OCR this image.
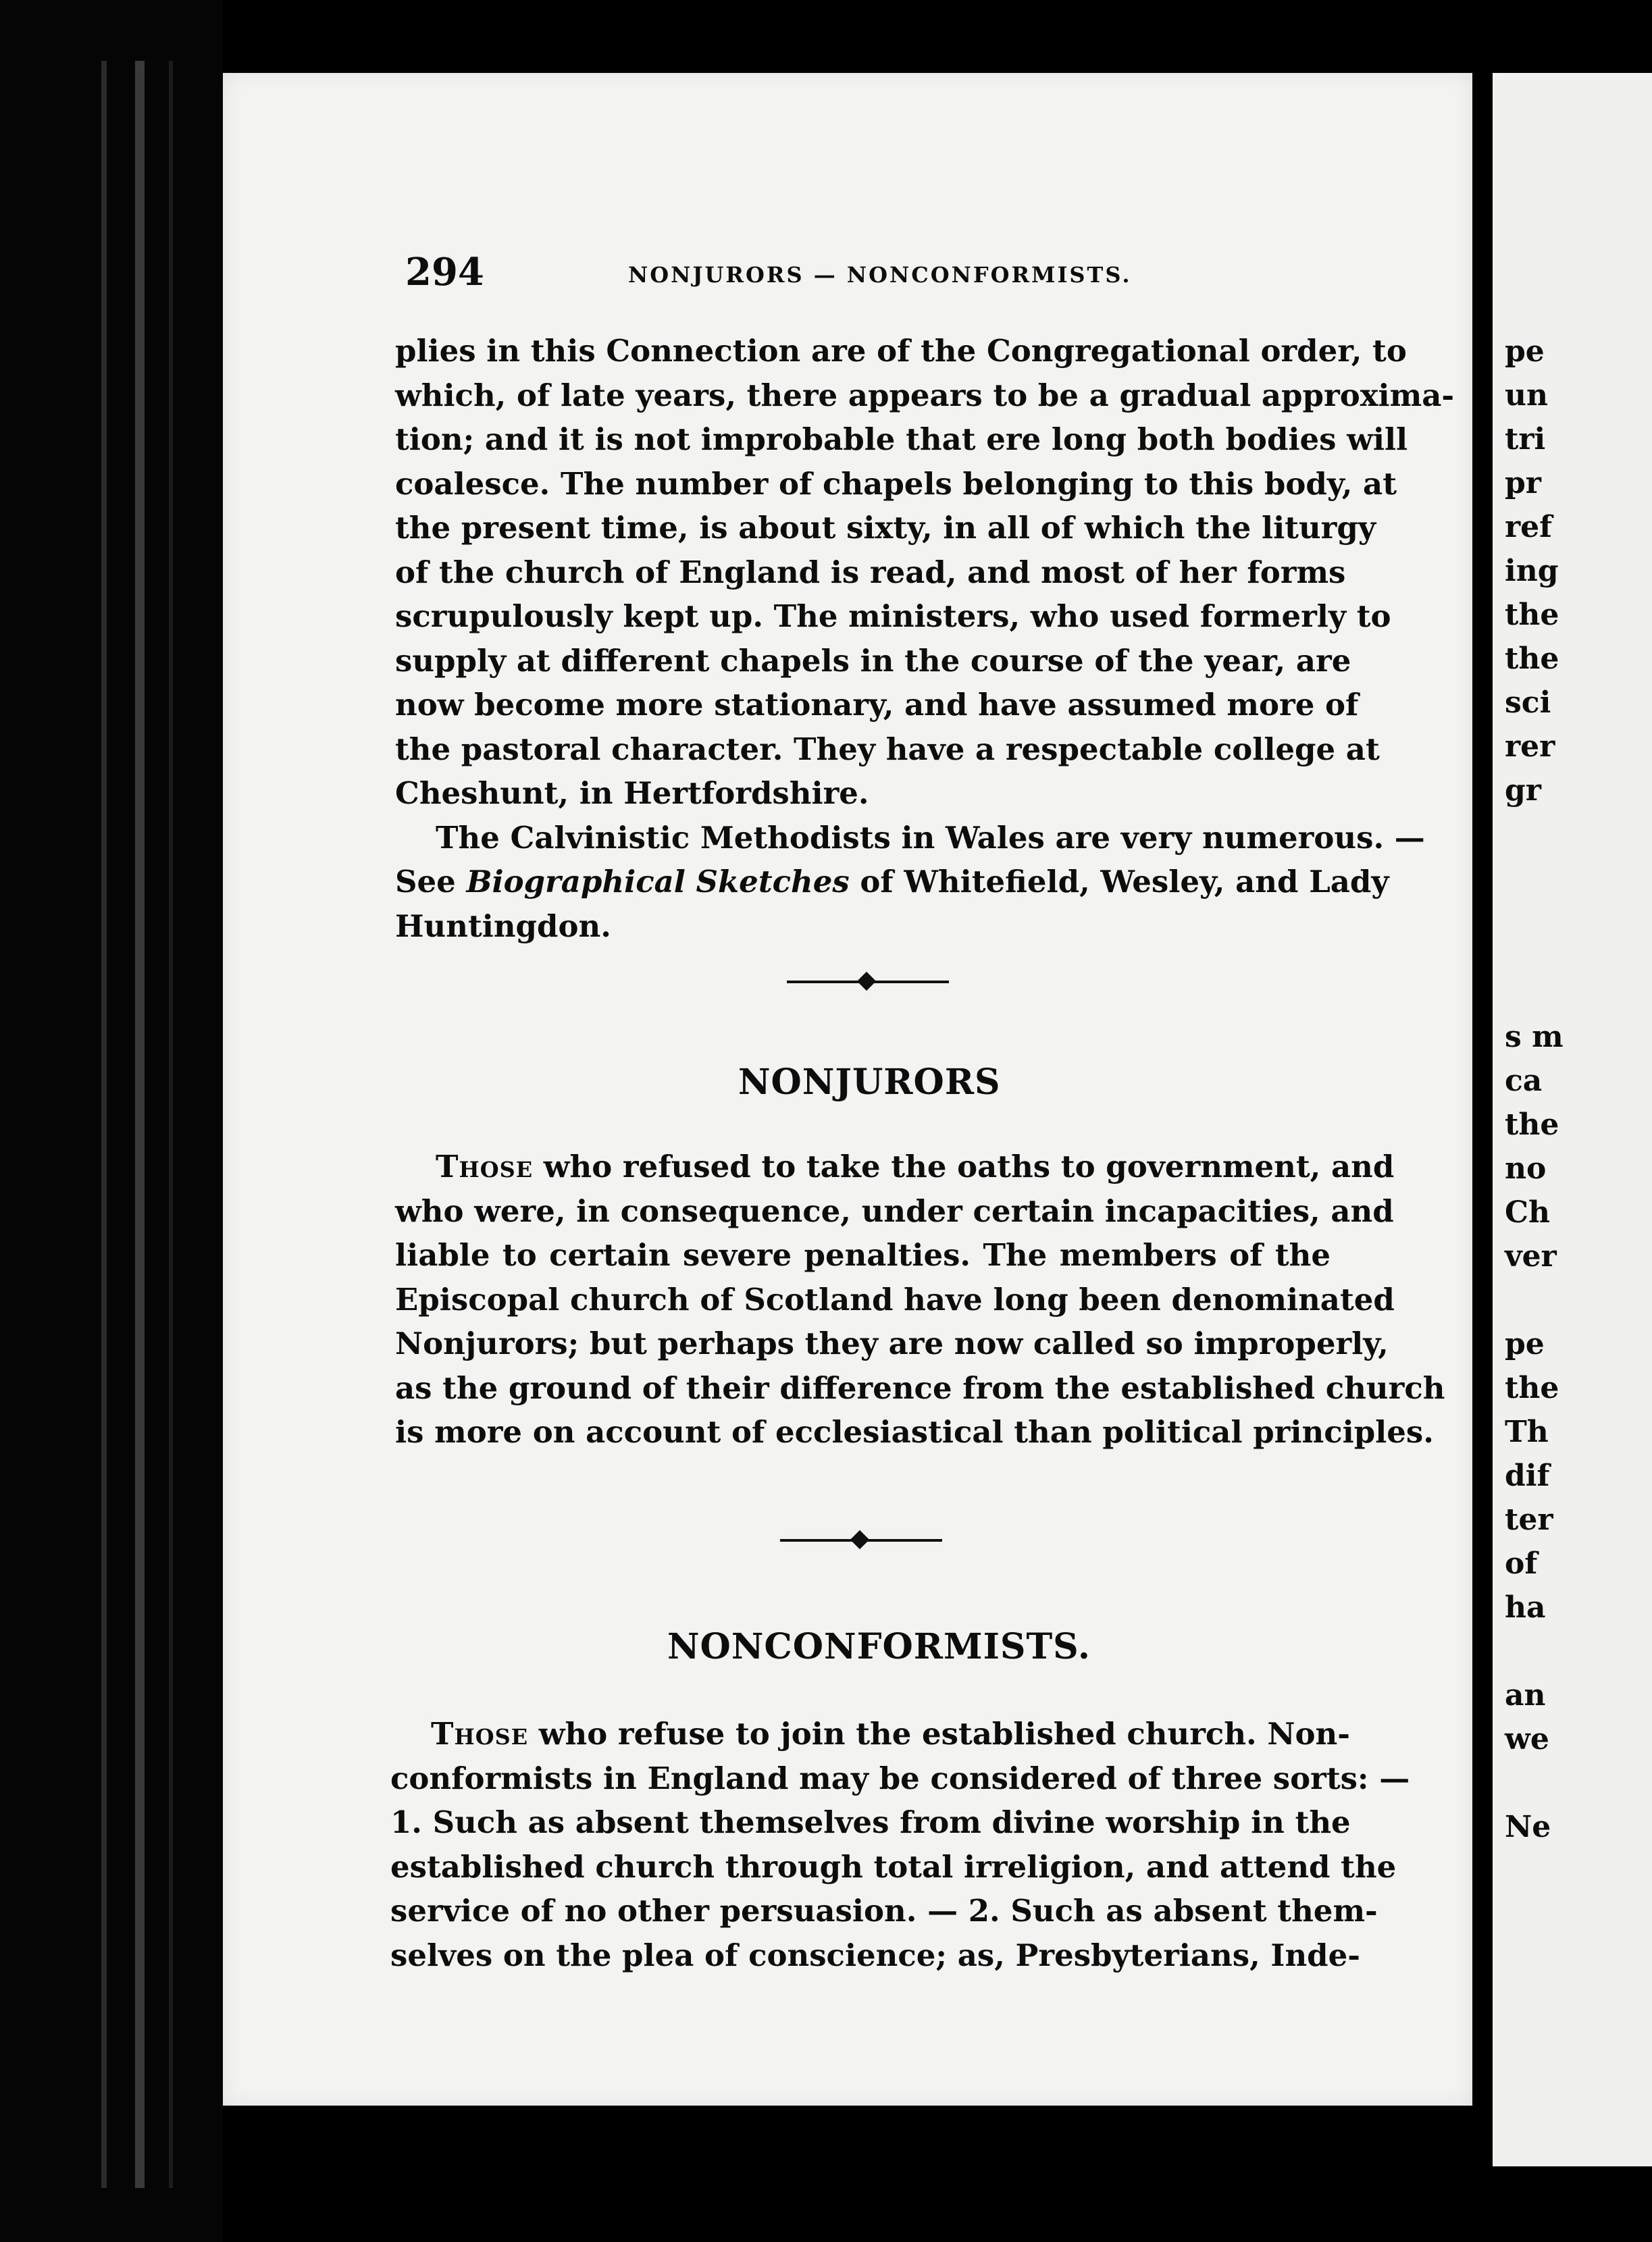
pe
un
tri
pr
ref
ing
the
the
sci
rer
gr
s m
ca
the
no
Ch
ver
pe
the
Th
dif
ter
of
ha
an
we
Ne
294	NONJURORS — NONCONFORMISTS.
plies in this Connection are of the Congregational order, to
which, of late years, there appears to be a gradual approxima-
tion; and it is not improbable that ere long both bodies will
coalesce. The number of chapels belonging to this body, at
the present time, is about sixty, in all of which the liturgy
of the church of England is read, and most of her forms
scrupulously kept up. The ministers, who used formerly to
supply at different chapels in the course of the year, are
now become more stationary, and have assumed more of
the pastoral character. They have a respectable college at
Cheshunt, in Hertfordshire.
The Calvinistic Methodists in Wales are very numerous. —
See Biographical Sketches of Whitefield, Wesley, and Lady
Huntingdon.
NONJURORS
Those who refused to take the oaths to government, and
who were, in consequence, under certain incapacities, and
liable to certain severe penalties. The members of the
Episcopal church of Scotland have long been denominated
Nonjurors; but perhaps they are now called so improperly,
as the ground of their difference from the established church
is more on account of ecclesiastical than political principles.
NONCONFORMISTS.
Those who refuse to join the established church. Non-
conformists in England may be considered of three sorts: —
1. Such as absent themselves from divine worship in the
established church through total irreligion, and attend the
service of no other persuasion. — 2. Such as absent them-
selves on the plea of conscience; as, Presbyterians, Inde-
